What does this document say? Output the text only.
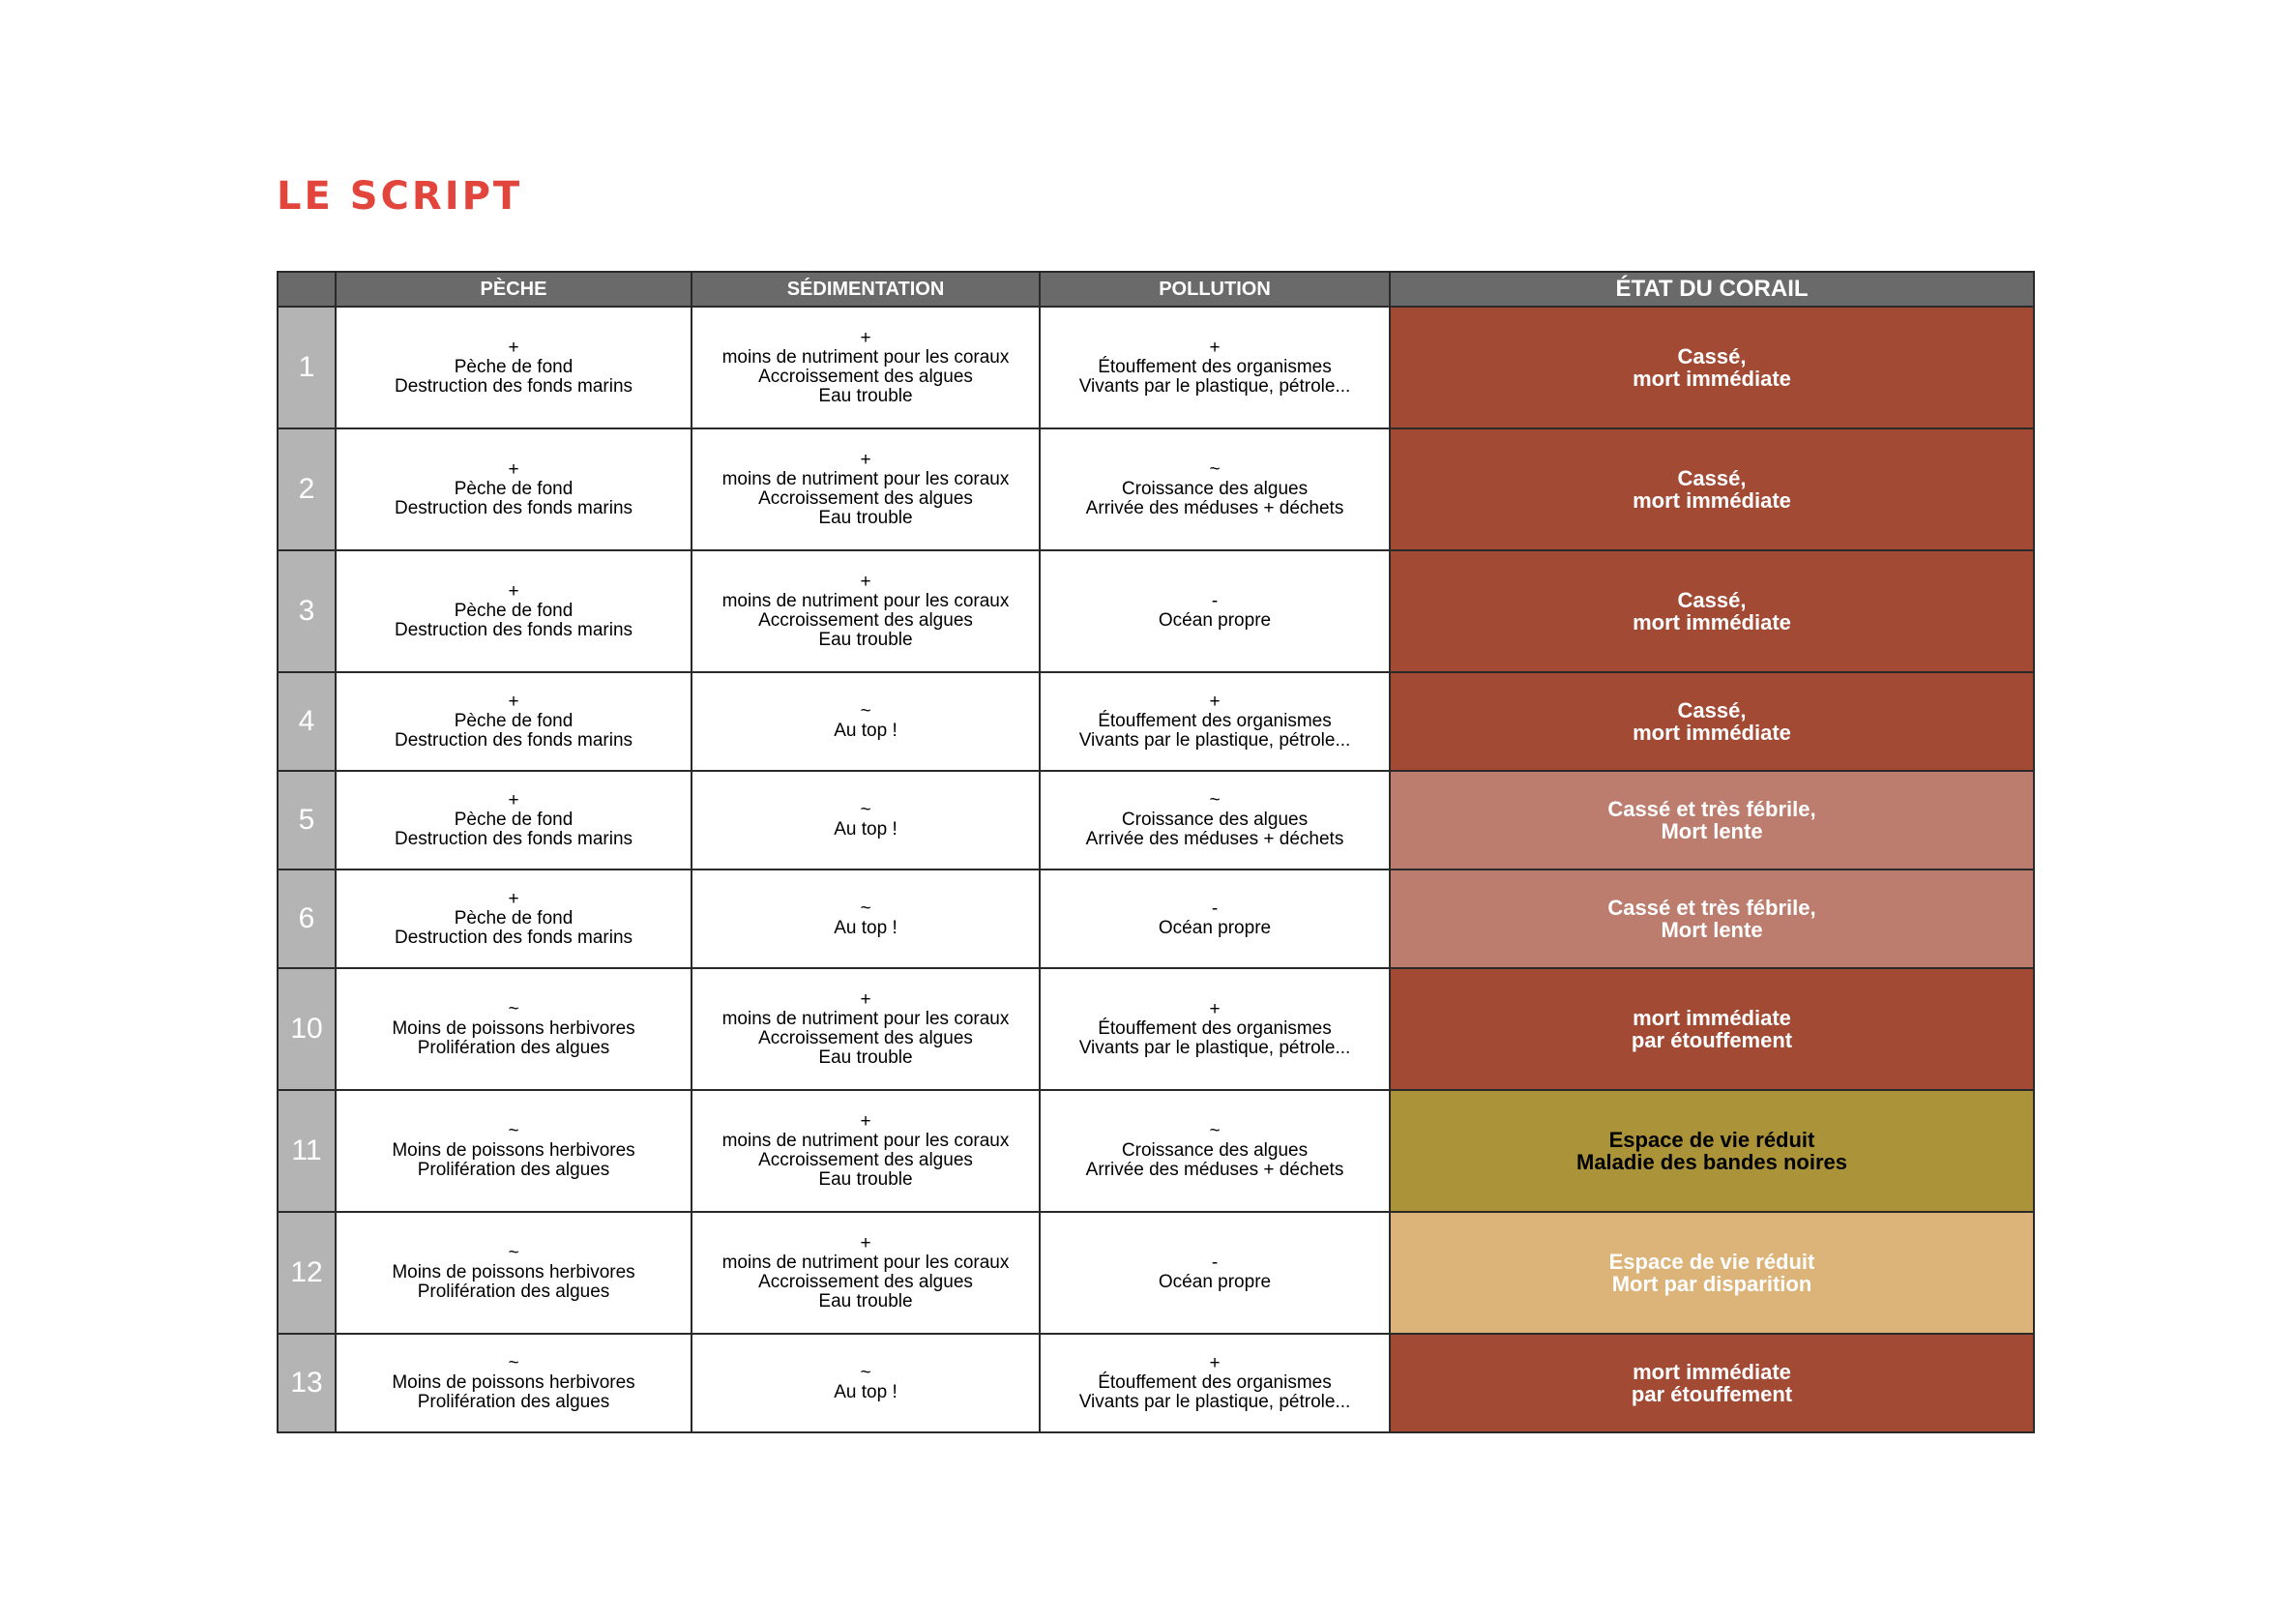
LE SCRIPT
	PÈCHE	SÉDIMENTATION	POLLUTION	ÉTAT DU CORAIL
1	+
Pèche de fond
Destruction des fonds marins	+
moins de nutriment pour les coraux
Accroissement des algues
Eau trouble	+
Étouffement des organismes
Vivants par le plastique, pétrole...	Cassé,
mort immédiate

2	+
Pèche de fond
Destruction des fonds marins	+
moins de nutriment pour les coraux
Accroissement des algues
Eau trouble	~
Croissance des algues
Arrivée des méduses + déchets	Cassé,
mort immédiate

3	+
Pèche de fond
Destruction des fonds marins	+
moins de nutriment pour les coraux
Accroissement des algues
Eau trouble	-
Océan propre	Cassé,
mort immédiate

4	+
Pèche de fond
Destruction des fonds marins	~
Au top !	+
Étouffement des organismes
Vivants par le plastique, pétrole...	Cassé,
mort immédiate

5	+
Pèche de fond
Destruction des fonds marins	~
Au top !	~
Croissance des algues
Arrivée des méduses + déchets	Cassé et très fébrile,
Mort lente

6	+
Pèche de fond
Destruction des fonds marins	~
Au top !	-
Océan propre	Cassé et très fébrile,
Mort lente

10	~
Moins de poissons herbivores
Prolifération des algues	+
moins de nutriment pour les coraux
Accroissement des algues
Eau trouble	+
Étouffement des organismes
Vivants par le plastique, pétrole...	mort immédiate
par étouffement

11	~
Moins de poissons herbivores
Prolifération des algues	+
moins de nutriment pour les coraux
Accroissement des algues
Eau trouble	~
Croissance des algues
Arrivée des méduses + déchets	Espace de vie réduit
Maladie des bandes noires

12	~
Moins de poissons herbivores
Prolifération des algues	+
moins de nutriment pour les coraux
Accroissement des algues
Eau trouble	-
Océan propre	Espace de vie réduit
Mort par disparition

13	~
Moins de poissons herbivores
Prolifération des algues	~
Au top !	+
Étouffement des organismes
Vivants par le plastique, pétrole...	mort immédiate
par étouffement
